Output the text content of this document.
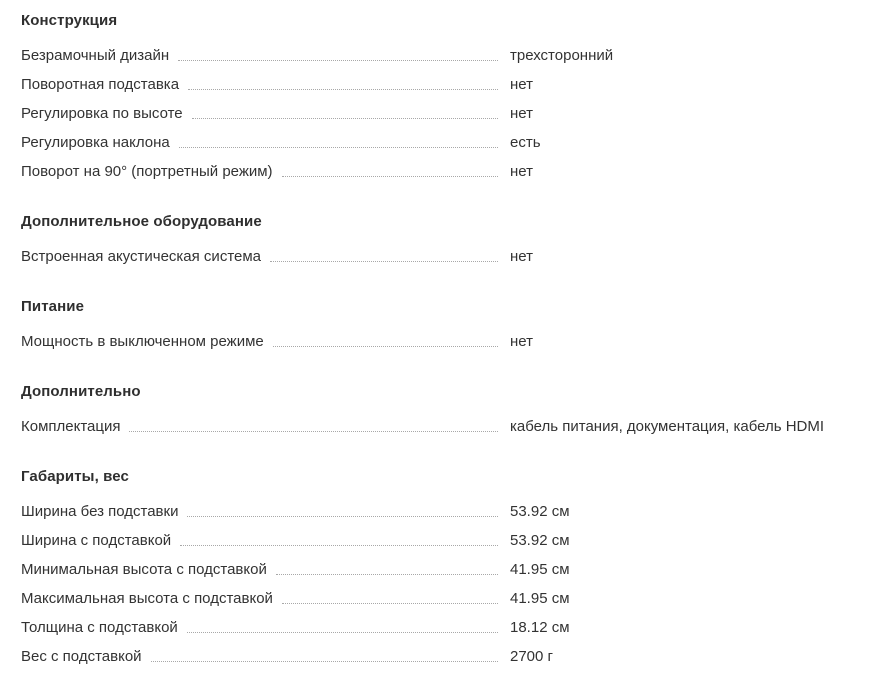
Конструкция
Безрамочный дизайн	трехсторонний
Поворотная подставка	нет
Регулировка по высоте	нет
Регулировка наклона	есть
Поворот на 90° (портретный режим)	нет
Дополнительное оборудование
Встроенная акустическая система	нет
Питание
Мощность в выключенном режиме	нет
Дополнительно
Комплектация	кабель питания, документация, кабель HDMI
Габариты, вес
Ширина без подставки	53.92 см
Ширина с подставкой	53.92 см
Минимальная высота с подставкой	41.95 см
Максимальная высота с подставкой	41.95 см
Толщина с подставкой	18.12 см
Вес с подставкой	2700 г
